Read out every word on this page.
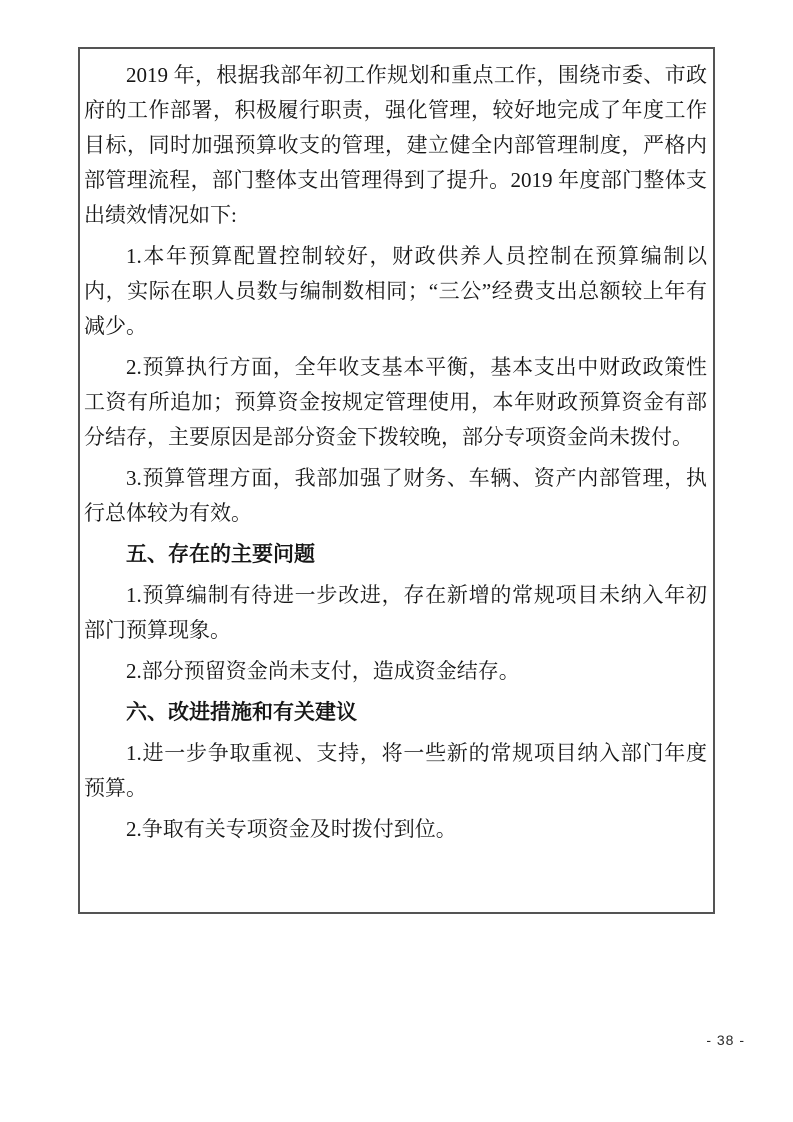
2019 年，根据我部年初工作规划和重点工作，围绕市委、市政府的工作部署，积极履行职责，强化管理，较好地完成了年度工作目标，同时加强预算收支的管理，建立健全内部管理制度，严格内部管理流程，部门整体支出管理得到了提升。2019 年度部门整体支出绩效情况如下:

1.本年预算配置控制较好，财政供养人员控制在预算编制以内，实际在职人员数与编制数相同；“三公”经费支出总额较上年有减少。

2.预算执行方面，全年收支基本平衡，基本支出中财政政策性工资有所追加；预算资金按规定管理使用，本年财政预算资金有部分结存，主要原因是部分资金下拨较晚，部分专项资金尚未拨付。

3.预算管理方面，我部加强了财务、车辆、资产内部管理，执行总体较为有效。

五、存在的主要问题

1.预算编制有待进一步改进，存在新增的常规项目未纳入年初部门预算现象。

2.部分预留资金尚未支付，造成资金结存。

六、改进措施和有关建议

1.进一步争取重视、支持，将一些新的常规项目纳入部门年度预算。

2.争取有关专项资金及时拨付到位。

- 38 -
